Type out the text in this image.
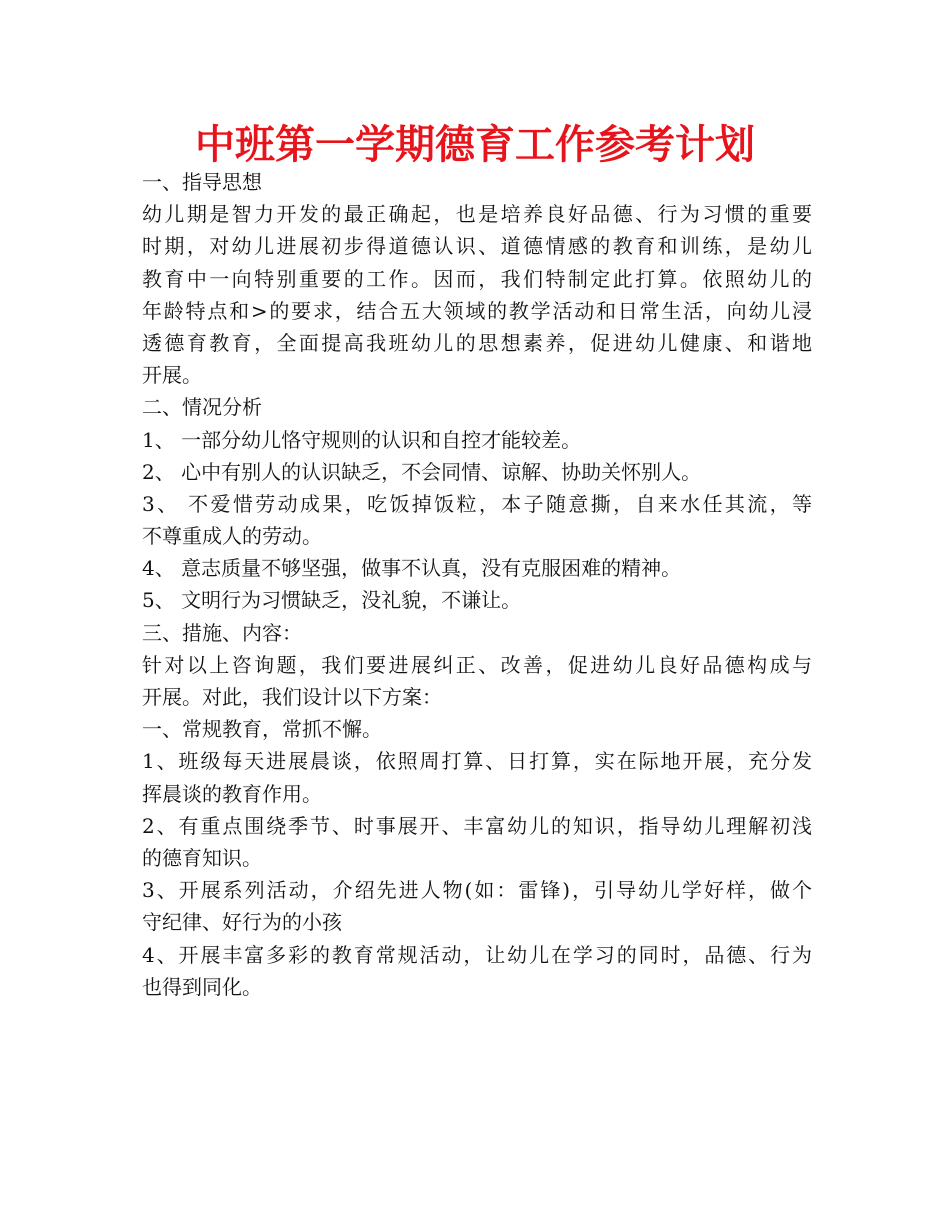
中班第一学期德育工作参考计划
一、指导思想
幼儿期是智力开发的最正确起，也是培养良好品德、行为习惯的重要
时期，对幼儿进展初步得道德认识、道德情感的教育和训练，是幼儿
教育中一向特别重要的工作。因而，我们特制定此打算。依照幼儿的
年龄特点和>的要求，结合五大领域的教学活动和日常生活，向幼儿浸
透德育教育，全面提高我班幼儿的思想素养，促进幼儿健康、和谐地
开展。
二、情况分析
1、 一部分幼儿恪守规则的认识和自控才能较差。
2、 心中有别人的认识缺乏，不会同情、谅解、协助关怀别人。
3、 不爱惜劳动成果，吃饭掉饭粒，本子随意撕，自来水任其流，等
不尊重成人的劳动。
4、 意志质量不够坚强，做事不认真，没有克服困难的精神。
5、 文明行为习惯缺乏，没礼貌，不谦让。
三、措施、内容：
针对以上咨询题，我们要进展纠正、改善，促进幼儿良好品德构成与
开展。对此，我们设计以下方案：
一、常规教育，常抓不懈。
1、班级每天进展晨谈，依照周打算、日打算，实在际地开展，充分发
挥晨谈的教育作用。
2、有重点围绕季节、时事展开、丰富幼儿的知识，指导幼儿理解初浅
的德育知识。
3、开展系列活动，介绍先进人物(如：雷锋)，引导幼儿学好样，做个
守纪律、好行为的小孩
4、开展丰富多彩的教育常规活动，让幼儿在学习的同时，品德、行为
也得到同化。
